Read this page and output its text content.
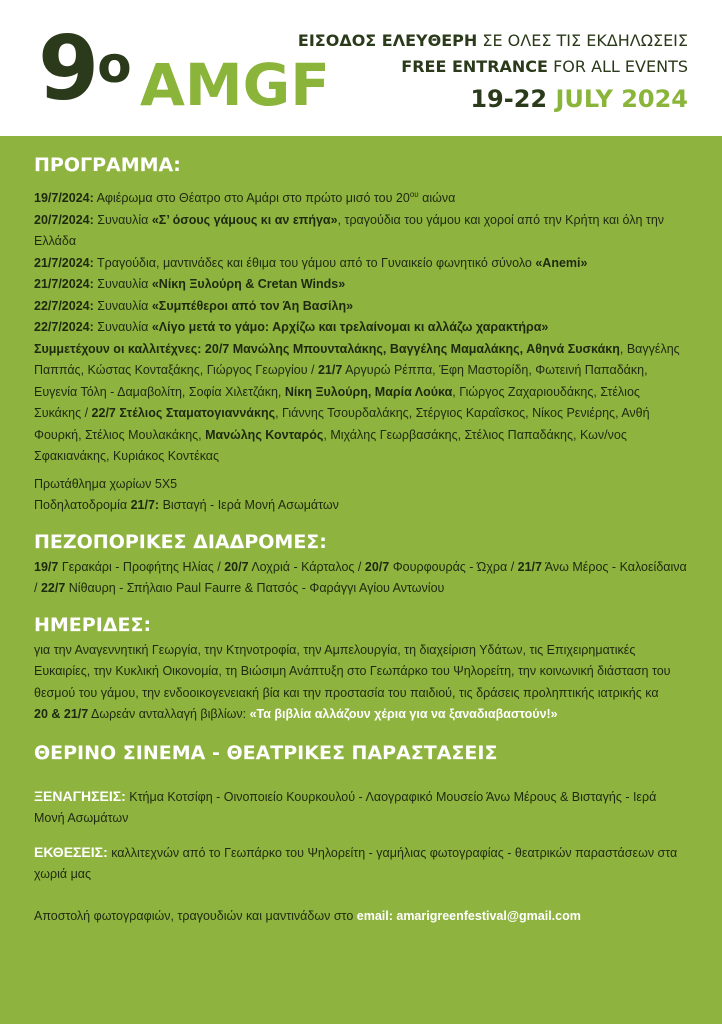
$9^o$ AMGF
ΕΙΣΟΔΟΣ ΕΛΕΥΘΕΡΗ ΣΕ ΟΛΕΣ ΤΙΣ ΕΚΔΗΛΩΣΕΙΣ
FREE ENTRANCE FOR ALL EVENTS
19-22 JULY 2024
ΠΡΟΓΡΑΜΜΑ:

19/7/2024: Αφιέρωμα στο Θέατρο στο Αμάρι στο πρώτο μισό του $20^{o\upsilon}$ αιώνα

20/7/2024: Συναυλία «Σ’ όσους γάμους κι αν επήγα», τραγούδια του γάμου και χοροί από την Κρήτη και όλη την Ελλάδα

21/7/2024: Τραγούδια, μαντινάδες και έθιμα του γάμου από το Γυναικείο φωνητικό σύνολο «Anemi»

21/7/2024: Συναυλία «Νίκη Ξυλούρη & Cretan Winds»

22/7/2024: Συναυλία «Συμπέθεροι από τον Άη Βασίλη»

22/7/2024: Συναυλία «Λίγο μετά το γάμο: Αρχίζω και τρελαίνομαι κι αλλάζω χαρακτήρα»

Συμμετέχουν οι καλλιτέχνες: 20/7 Μανώλης Μπουνταλάκης, Βαγγέλης Μαμαλάκης, Αθηνά Συσκάκη, Βαγγέλης Παππάς, Κώστας Κονταξάκης, Γιώργος Γεωργίου / 21/7 Αργυρώ Ρέππα, Έφη Μαστορίδη, Φωτεινή Παπαδάκη, Ευγενία Τόλη - Δαμαβολίτη, Σοφία Χιλετζάκη, Νίκη Ξυλούρη, Μαρία Λούκα, Γιώργος Ζαχαριουδάκης, Στέλιος Συκάκης / 22/7 Στέλιος Σταματογιαννάκης, Γιάννης Τσουρδαλάκης, Στέργιος Καραΐσκος, Νίκος Ρενιέρης, Ανθή Φουρκή, Στέλιος Μουλακάκης, Μανώλης Κονταρός, Μιχάλης Γεωρβασάκης, Στέλιος Παπαδάκης, Κων/νος Σφακιανάκης, Κυριάκος Κοντέκας

Πρωτάθλημα χωρίων 5Χ5

Ποδηλατοδρομία 21/7: Βισταγή - Ιερά Μονή Ασωμάτων

ΠΕΖΟΠΟΡΙΚΕΣ ΔΙΑΔΡΟΜΕΣ:

19/7 Γερακάρι - Προφήτης Ηλίας / 20/7 Λοχριά - Κάρταλος / 20/7 Φουρφουράς - Ώχρα / 21/7 Άνω Μέρος - Καλοείδαινα / 22/7 Νίθαυρη - Σπήλαιο Paul Faurre & Πατσός - Φαράγγι Αγίου Αντωνίου

ΗΜΕΡΙΔΕΣ:

για την Αναγεννητική Γεωργία, την Κτηνοτροφία, την Αμπελουργία, τη διαχείριση Υδάτων, τις Επιχειρηματικές Ευκαιρίες, την Κυκλική Οικονομία, τη Βιώσιμη Ανάπτυξη στο Γεωπάρκο του Ψηλορείτη, την κοινωνική διάσταση του θεσμού του γάμου, την ενδοοικογενειακή βία και την προστασία του παιδιού, τις δράσεις προληπτικής ιατρικής κα

20 & 21/7 Δωρεάν ανταλλαγή βιβλίων: «Τα βιβλία αλλάζουν χέρια για να ξαναδιαβαστούν!»

ΘΕΡΙΝΟ ΣΙΝΕΜΑ - ΘΕΑΤΡΙΚΕΣ ΠΑΡΑΣΤΑΣΕΙΣ

ΞΕΝΑΓΗΣΕΙΣ: Κτήμα Κοτσίφη - Οινοποιείο Κουρκουλού - Λαογραφικό Μουσείο Άνω Μέρους & Βισταγής - Ιερά Μονή Ασωμάτων

ΕΚΘΕΣΕΙΣ: καλλιτεχνών από το Γεωπάρκο του Ψηλορείτη - γαμήλιας φωτογραφίας - θεατρικών παραστάσεων στα χωριά μας

Αποστολή φωτογραφιών, τραγουδιών και μαντινάδων στο email: amarigreenfestival@gmail.com
